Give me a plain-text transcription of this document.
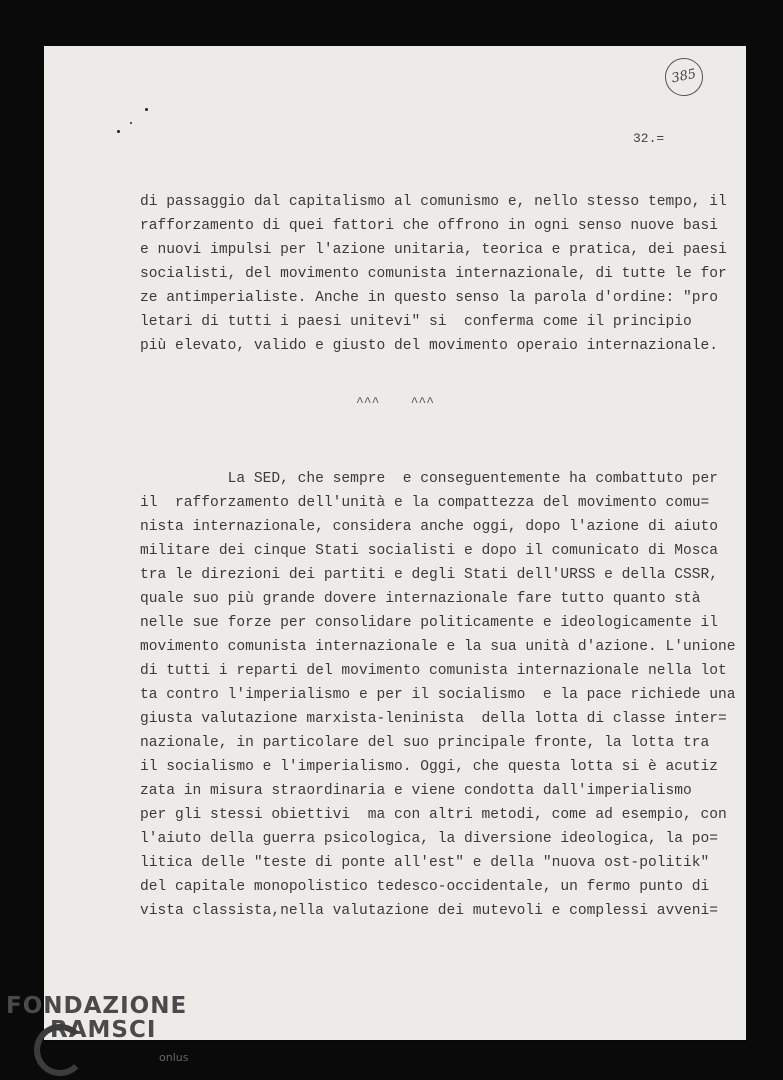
385
32.=
di passaggio dal capitalismo al comunismo e, nello stesso tempo, il
rafforzamento di quei fattori che offrono in ogni senso nuove basi
e nuovi impulsi per l'azione unitaria, teorica e pratica, dei paesi
socialisti, del movimento comunista internazionale, di tutte le for
ze antimperialiste. Anche in questo senso la parola d'ordine: "pro
letari di tutti i paesi unitevi" si  conferma come il principio
più elevato, valido e giusto del movimento operaio internazionale.
^^^    ^^^
La SED, che sempre  e conseguentemente ha combattuto per
il  rafforzamento dell'unità e la compattezza del movimento comu=
nista internazionale, considera anche oggi, dopo l'azione di aiuto
militare dei cinque Stati socialisti e dopo il comunicato di Mosca
tra le direzioni dei partiti e degli Stati dell'URSS e della CSSR,
quale suo più grande dovere internazionale fare tutto quanto stà
nelle sue forze per consolidare politicamente e ideologicamente il
movimento comunista internazionale e la sua unità d'azione. L'unione
di tutti i reparti del movimento comunista internazionale nella lot
ta contro l'imperialismo e per il socialismo  e la pace richiede una
giusta valutazione marxista-leninista  della lotta di classe inter=
nazionale, in particolare del suo principale fronte, la lotta tra
il socialismo e l'imperialismo. Oggi, che questa lotta si è acutiz
zata in misura straordinaria e viene condotta dall'imperialismo
per gli stessi obiettivi  ma con altri metodi, come ad esempio, con
l'aiuto della guerra psicologica, la diversione ideologica, la po=
litica delle "teste di ponte all'est" e della "nuova ost-politik"
del capitale monopolistico tedesco-occidentale, un fermo punto di
vista classista,nella valutazione dei mutevoli e complessi avveni=
FONDAZIONE
RAMSCI
onlus
